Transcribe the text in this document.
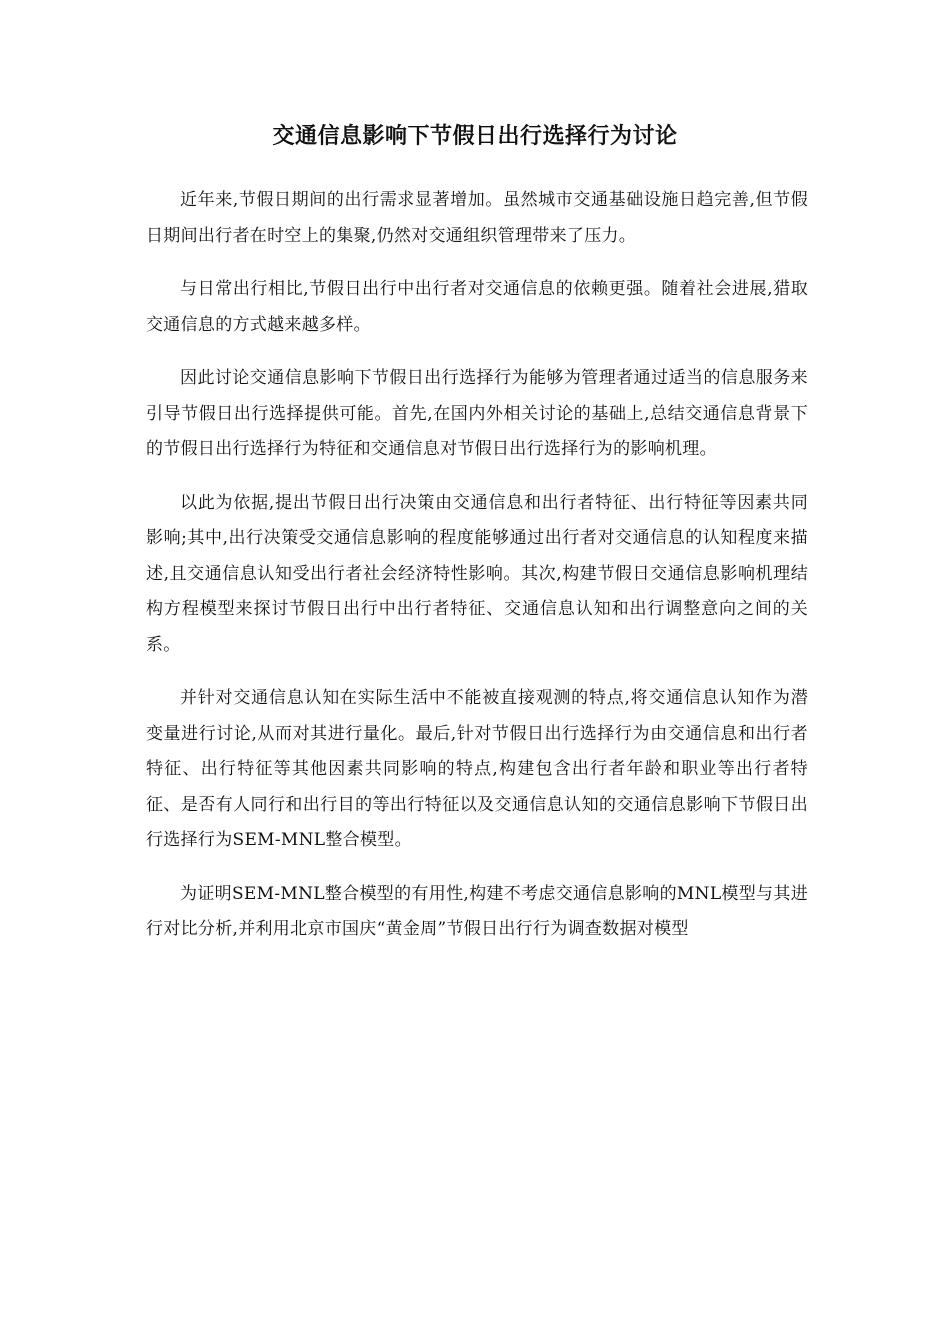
交通信息影响下节假日出行选择行为讨论

近年来,节假日期间的出行需求显著增加。虽然城市交通基础设施日趋完善,但节假日期间出行者在时空上的集聚,仍然对交通组织管理带来了压力。

与日常出行相比,节假日出行中出行者对交通信息的依赖更强。随着社会进展,猎取交通信息的方式越来越多样。

因此讨论交通信息影响下节假日出行选择行为能够为管理者通过适当的信息服务来引导节假日出行选择提供可能。首先,在国内外相关讨论的基础上,总结交通信息背景下的节假日出行选择行为特征和交通信息对节假日出行选择行为的影响机理。

以此为依据,提出节假日出行决策由交通信息和出行者特征、出行特征等因素共同影响;其中,出行决策受交通信息影响的程度能够通过出行者对交通信息的认知程度来描述,且交通信息认知受出行者社会经济特性影响。其次,构建节假日交通信息影响机理结构方程模型来探讨节假日出行中出行者特征、交通信息认知和出行调整意向之间的关系。

并针对交通信息认知在实际生活中不能被直接观测的特点,将交通信息认知作为潜变量进行讨论,从而对其进行量化。最后,针对节假日出行选择行为由交通信息和出行者特征、出行特征等其他因素共同影响的特点,构建包含出行者年龄和职业等出行者特征、是否有人同行和出行目的等出行特征以及交通信息认知的交通信息影响下节假日出行选择行为SEM-MNL整合模型。

为证明SEM-MNL整合模型的有用性,构建不考虑交通信息影响的MNL模型与其进行对比分析,并利用北京市国庆“黄金周”节假日出行行为调查数据对模型
